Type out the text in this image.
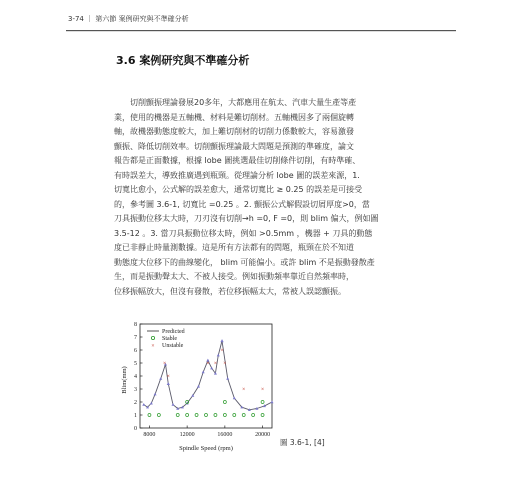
3-74 ｜ 第六節 案例研究與不準確分析
3.6 案例研究與不準確分析

切削顫振理論發展20多年，大都應用在航太、汽車大量生產等產

業，使用的機器是五軸機、材料是難切削材。五軸機因多了兩個旋轉

軸，故機器動態度較大，加上難切削材的切削力係數較大，容易激發

顫振、降低切削效率。切削顫振理論最大問題是預測的準確度，論文

報告都是正面數據，根據 lobe 圖挑選最佳切削條件切削，有時準確、

有時誤差大，導致推廣遇到瓶頸。從理論分析 lobe 圖的誤差來源，1.

切寬比愈小，公式解的誤差愈大，通常切寬比 ≥ 0.25 的誤差是可接受

的，參考圖 3.6-1, 切寬比 =0.25 。2. 顫振公式解假設切屑厚度>0，當

刀具振動位移太大時，刀刃沒有切削→h =0, F =0，則 blim 偏大，例如圖

3.5-12 。3. 當刀具振動位移太時，例如 >0.5mm ，機器 + 刀具的動態

度已非靜止時量測數據。這是所有方法都有的問題，瓶頸在於不知道

動態度大位移下的曲線變化， blim 可能偏小。或許 blim 不是振動發散產

生，而是振動聲太大、不被人接受。例如振動頻率靠近自然頻率時，

位移振幅放大，但沒有發散，若位移振幅太大，常被人誤認顫振。

Blim(mm)
Spindle Speed (rpm)
8000	12000	16000	20000
0
1
2
3
4
5
6
7
8
×
×
× ×
×
×
×	×
Predicted
Stable
× Unstable
圖 3.6-1, [4]
